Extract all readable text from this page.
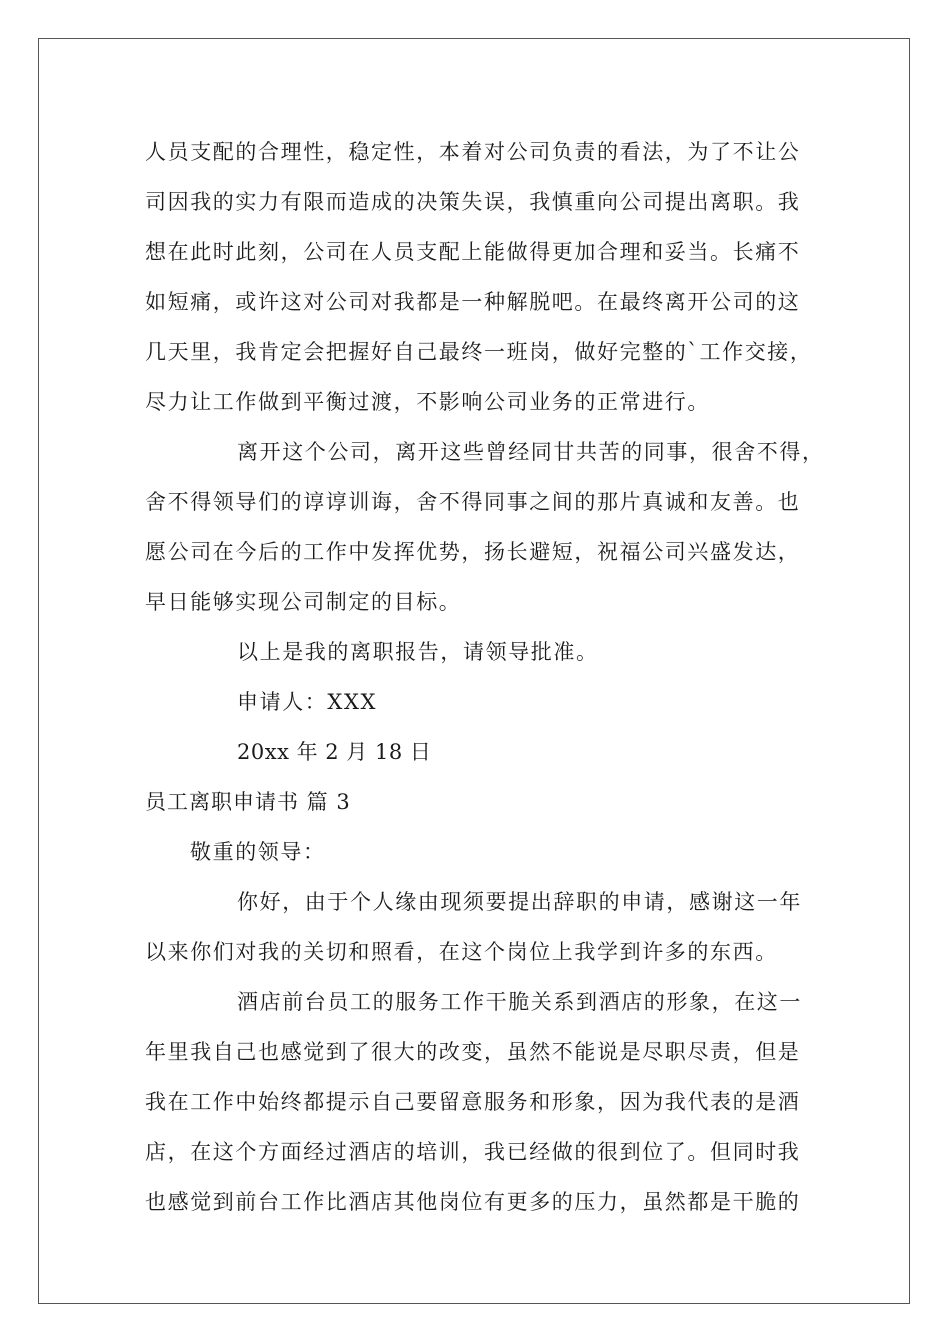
人员支配的合理性，稳定性，本着对公司负责的看法，为了不让公
司因我的实力有限而造成的决策失误，我慎重向公司提出离职。我
想在此时此刻，公司在人员支配上能做得更加合理和妥当。长痛不
如短痛，或许这对公司对我都是一种解脱吧。在最终离开公司的这
几天里，我肯定会把握好自己最终一班岗，做好完整的`工作交接，
尽力让工作做到平衡过渡，不影响公司业务的正常进行。
离开这个公司，离开这些曾经同甘共苦的同事，很舍不得，
舍不得领导们的谆谆训诲，舍不得同事之间的那片真诚和友善。也
愿公司在今后的工作中发挥优势，扬长避短，祝福公司兴盛发达，
早日能够实现公司制定的目标。
以上是我的离职报告，请领导批准。
申请人：XXX
20xx 年 2 月 18 日
员工离职申请书 篇 3
敬重的领导：
你好，由于个人缘由现须要提出辞职的申请，感谢这一年
以来你们对我的关切和照看，在这个岗位上我学到许多的东西。
酒店前台员工的服务工作干脆关系到酒店的形象，在这一
年里我自己也感觉到了很大的改变，虽然不能说是尽职尽责，但是
我在工作中始终都提示自己要留意服务和形象，因为我代表的是酒
店，在这个方面经过酒店的培训，我已经做的很到位了。但同时我
也感觉到前台工作比酒店其他岗位有更多的压力，虽然都是干脆的
